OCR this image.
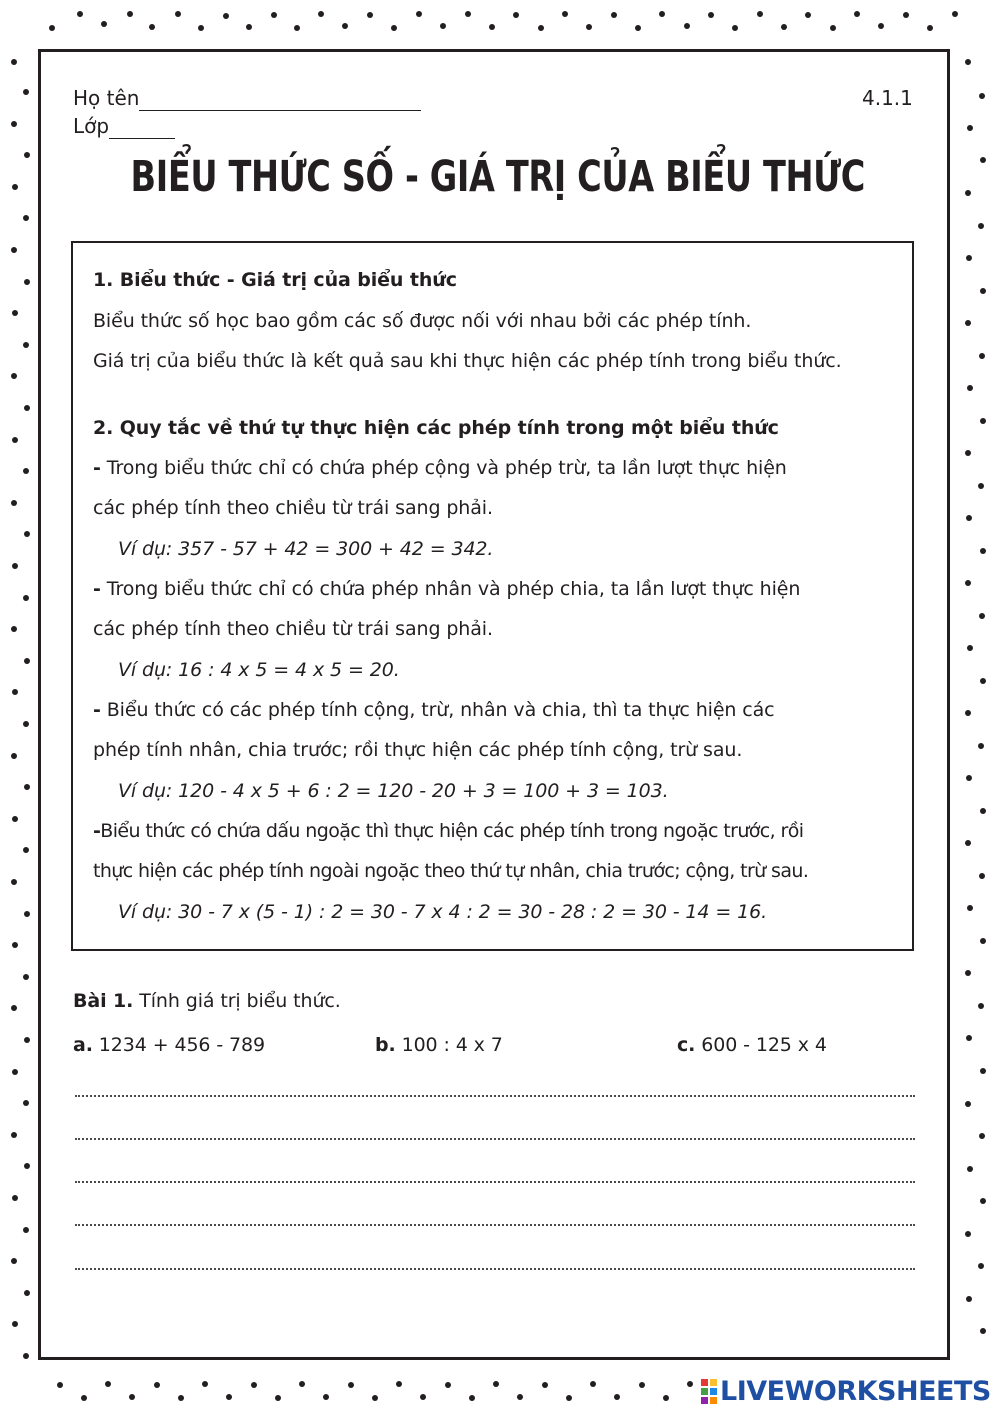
Họ tên
Lớp
4.1.1
BIỂU THỨC SỐ - GIÁ TRỊ CỦA BIỂU THỨC
1. Biểu thức - Giá trị của biểu thức
Biểu thức số học bao gồm các số được nối với nhau bởi các phép tính.
Giá trị của biểu thức là kết quả sau khi thực hiện các phép tính trong biểu thức.
2. Quy tắc về thứ tự thực hiện các phép tính trong một biểu thức
- Trong biểu thức chỉ có chứa phép cộng và phép trừ, ta lần lượt thực hiện
các phép tính theo chiều từ trái sang phải.
Ví dụ: 357 - 57 + 42 = 300 + 42 = 342.
- Trong biểu thức chỉ có chứa phép nhân và phép chia, ta lần lượt thực hiện
các phép tính theo chiều từ trái sang phải.
Ví dụ: 16 : 4 x 5 = 4 x 5 = 20.
- Biểu thức có các phép tính cộng, trừ, nhân và chia, thì ta thực hiện các
phép tính nhân, chia trước; rồi thực hiện các phép tính cộng, trừ sau.
Ví dụ: 120 - 4 x 5 + 6 : 2 = 120 - 20 + 3 = 100 + 3 = 103.
-Biểu thức có chứa dấu ngoặc thì thực hiện các phép tính trong ngoặc trước, rồi
thực hiện các phép tính ngoài ngoặc theo thứ tự nhân, chia trước; cộng, trừ sau.
Ví dụ: 30 - 7 x (5 - 1) : 2 = 30 - 7 x 4 : 2 = 30 - 28 : 2 = 30 - 14 = 16.
Bài 1. Tính giá trị biểu thức.
a. 1234 + 456 - 789	b. 100 : 4 x 7	c. 600 - 125 x 4
LIVEWORKSHEETS
